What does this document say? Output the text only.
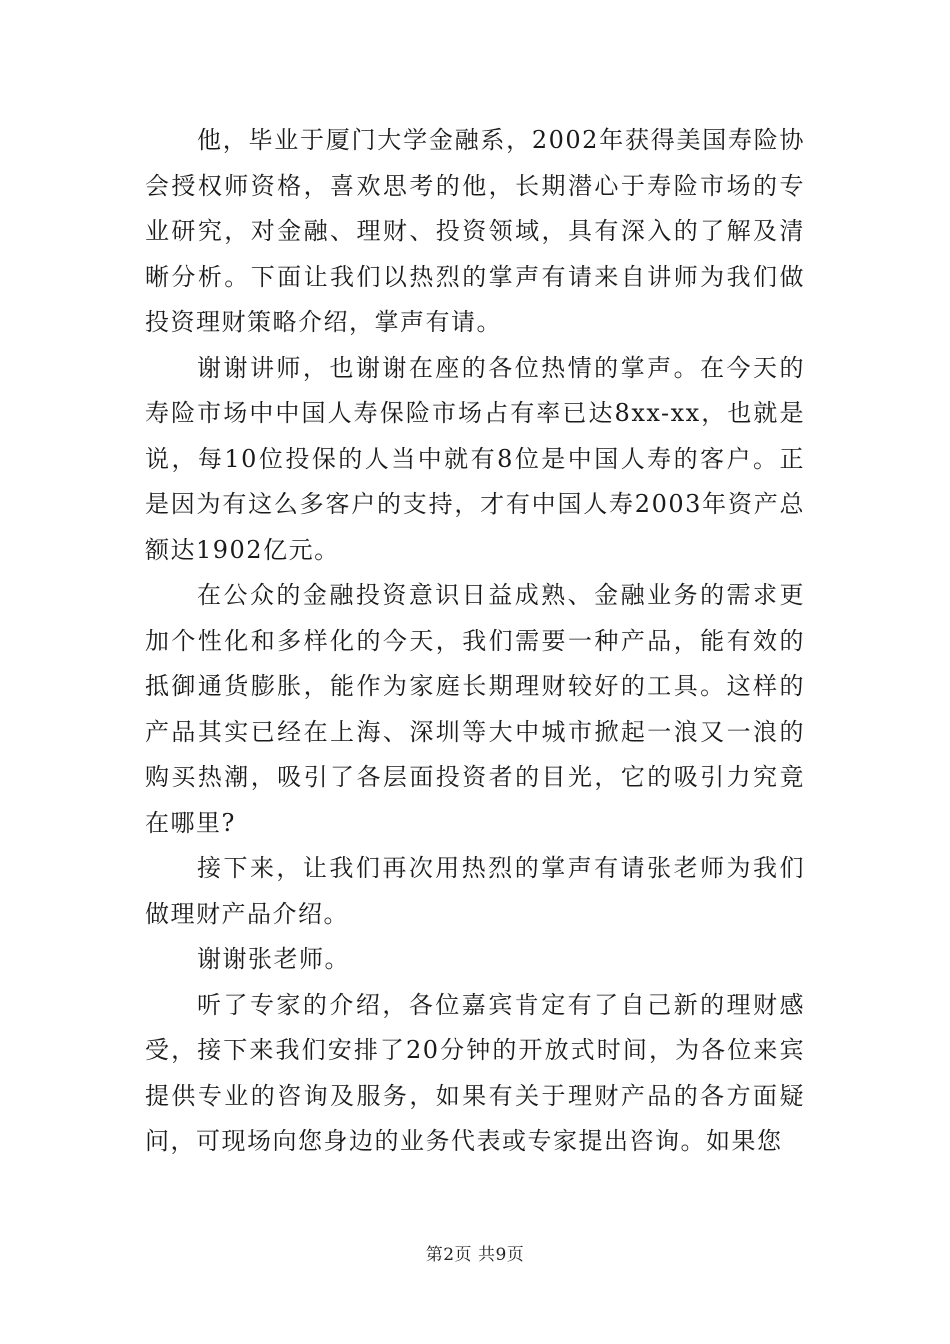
他，毕业于厦门大学金融系，2002年获得美国寿险协会授权师资格，喜欢思考的他，长期潜心于寿险市场的专业研究，对金融、理财、投资领域，具有深入的了解及清晰分析。下面让我们以热烈的掌声有请来自讲师为我们做投资理财策略介绍，掌声有请。

谢谢讲师，也谢谢在座的各位热情的掌声。在今天的寿险市场中中国人寿保险市场占有率已达8xx-xx，也就是说，每10位投保的人当中就有8位是中国人寿的客户。正是因为有这么多客户的支持，才有中国人寿2003年资产总额达1902亿元。

在公众的金融投资意识日益成熟、金融业务的需求更加个性化和多样化的今天，我们需要一种产品，能有效的抵御通货膨胀，能作为家庭长期理财较好的工具。这样的产品其实已经在上海、深圳等大中城市掀起一浪又一浪的购买热潮，吸引了各层面投资者的目光，它的吸引力究竟在哪里?

接下来，让我们再次用热烈的掌声有请张老师为我们做理财产品介绍。

谢谢张老师。

听了专家的介绍，各位嘉宾肯定有了自己新的理财感受，接下来我们安排了20分钟的开放式时间，为各位来宾提供专业的咨询及服务，如果有关于理财产品的各方面疑问，可现场向您身边的业务代表或专家提出咨询。如果您

第2页 共9页
